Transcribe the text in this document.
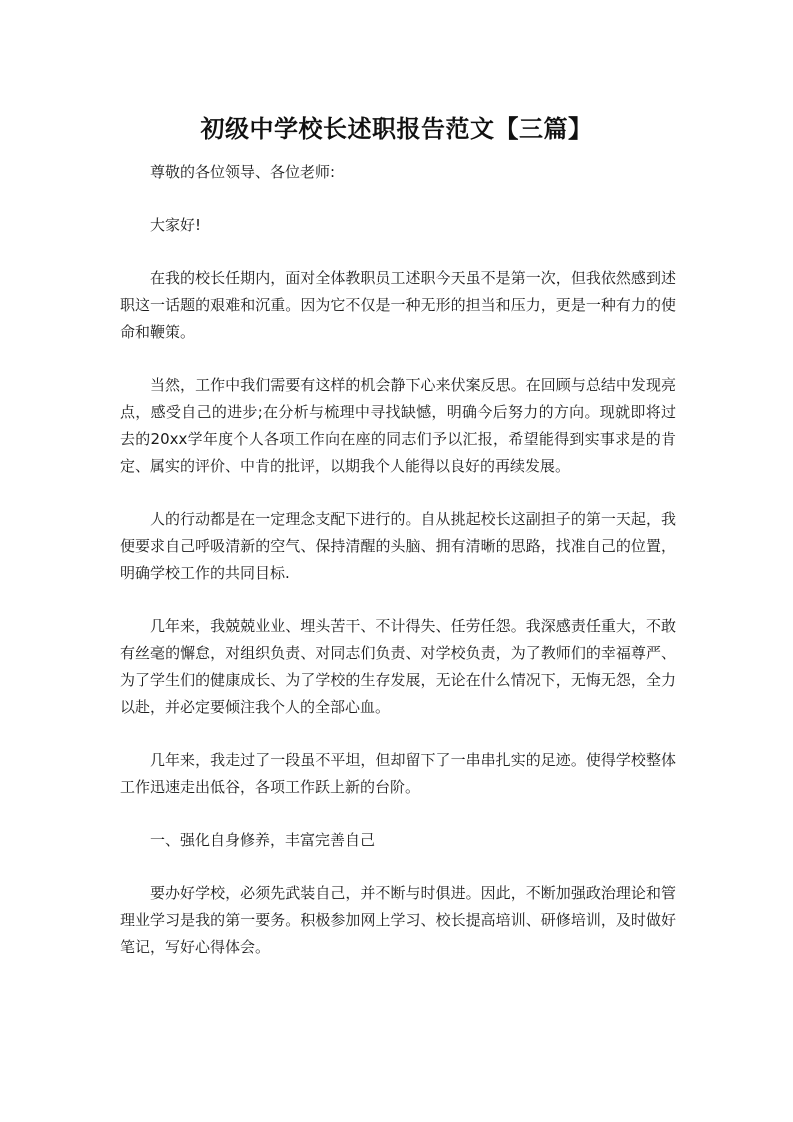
初级中学校长述职报告范文【三篇】

尊敬的各位领导、各位老师:

大家好!

在我的校长任期内，面对全体教职员工述职今天虽不是第一次，但我依然感到述职这一话题的艰难和沉重。因为它不仅是一种无形的担当和压力，更是一种有力的使命和鞭策。

当然，工作中我们需要有这样的机会静下心来伏案反思。在回顾与总结中发现亮点，感受自己的进步;在分析与梳理中寻找缺憾，明确今后努力的方向。现就即将过去的20xx学年度个人各项工作向在座的同志们予以汇报，希望能得到实事求是的肯定、属实的评价、中肯的批评，以期我个人能得以良好的再续发展。

人的行动都是在一定理念支配下进行的。自从挑起校长这副担子的第一天起，我便要求自己呼吸清新的空气、保持清醒的头脑、拥有清晰的思路，找准自己的位置，明确学校工作的共同目标.

几年来，我兢兢业业、埋头苦干、不计得失、任劳任怨。我深感责任重大，不敢有丝毫的懈怠，对组织负责、对同志们负责、对学校负责，为了教师们的幸福尊严、为了学生们的健康成长、为了学校的生存发展，无论在什么情况下，无悔无怨，全力以赴，并必定要倾注我个人的全部心血。

几年来，我走过了一段虽不平坦，但却留下了一串串扎实的足迹。使得学校整体工作迅速走出低谷，各项工作跃上新的台阶。

一、强化自身修养，丰富完善自己

要办好学校，必须先武装自己，并不断与时俱进。因此，不断加强政治理论和管理业学习是我的第一要务。积极参加网上学习、校长提高培训、研修培训，及时做好笔记，写好心得体会。
